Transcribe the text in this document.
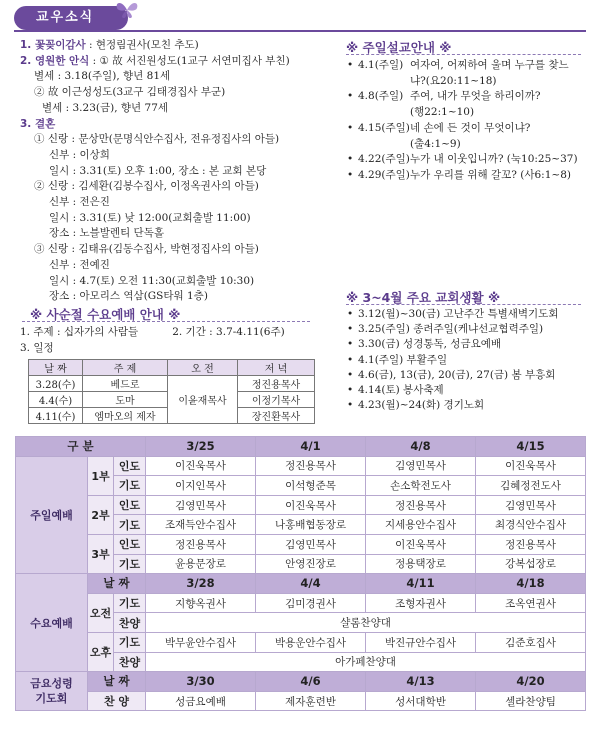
교우소식
1. 꽃꽂이감사 : 현정림권사(모친 추도)
2. 영원한 안식 : ① 故 서진원성도(1교구 서연미집사 부친)
별세 : 3.18(주일), 향년 81세
② 故 이근성성도(3교구 김태경집사 부군)
별세 : 3.23(금), 향년 77세
3. 결혼
① 신랑 : 문상만(문명식안수집사, 전유정집사의 아들)
신부 : 이상희
일시 : 3.31(토) 오후 1:00, 장소 : 본 교회 본당
② 신랑 : 김세환(김봉수집사, 이정옥권사의 아들)
신부 : 전은진
일시 : 3.31(토) 낮 12:00(교회출발 11:00)
장소 : 노블발렌티 단독홀
③ 신랑 : 김태유(김동수집사, 박현정집사의 아들)
신부 : 전예진
일시 : 4.7(토) 오전 11:30(교회출발 10:30)
장소 : 아모리스 역삼(GS타워 1층)
※ 사순절 수요예배 안내 ※
1. 주제 : 십자가의 사람들	2. 기간 : 3.7-4.11(6주)
3. 일정
날 짜	주 제	오 전	저 녁
3.28(수)	베드로	이윤재목사	정진용목사
4.4(수)	도마		이정기목사
4.11(수)	엠마오의 제자		장진환목사
※ 주일설교안내 ※
• 4.1(주일) 여자여, 어찌하여 울며 누구를 찾느
냐?(요20:11~18)
• 4.8(주일) 주여, 내가 무엇을 하리이까?
(행22:1~10)
• 4.15(주일) 네 손에 든 것이 무엇이냐?
(출4:1~9)
• 4.22(주일) 누가 내 이웃입니까? (눅10:25~37)
• 4.29(주일) 누가 우리를 위해 갈꼬? (사6:1~8)
※ 3~4월 주요 교회생활 ※
• 3.12(월)~30(금) 고난주간 특별새벽기도회
• 3.25(주일) 종려주일(케냐선교협력주일)
• 3.30(금) 성경통독, 성금요예배
• 4.1(주일) 부활주일
• 4.6(금), 13(금), 20(금), 27(금) 봄 부흥회
• 4.14(토) 봉사축제
• 4.23(월)~24(화) 경기노회
구 분			3/25	4/1	4/8	4/15
주일예배	1부	인도	이진욱목사	정진용목사	김영민목사	이진욱목사
		기도	이지인목사	이석형준목	손소학전도사	김혜정전도사
	2부	인도	김영민목사	이진욱목사	정진용목사	김영민목사
		기도	조재득안수집사	나홍배협동장로	지세용안수집사	최경식안수집사
	3부	인도	정진용목사	김영민목사	이진욱목사	정진용목사
		기도	윤용문장로	안영진장로	정용택장로	강복섭장로
수요예배	날 짜		3/28	4/4	4/11	4/18
	오전	기도	지향옥권사	김미경권사	조형자권사	조옥연권사
		찬양	샬롬찬양대			
	오후	기도	박무윤안수집사	박용운안수집사	박진규안수집사	김준호집사
		찬양	아가페찬양대			
금요성령
기도회	날 짜		3/30	4/6	4/13	4/20
	찬 양		성금요예배	제자훈련반	성서대학반	셀라찬양팀
